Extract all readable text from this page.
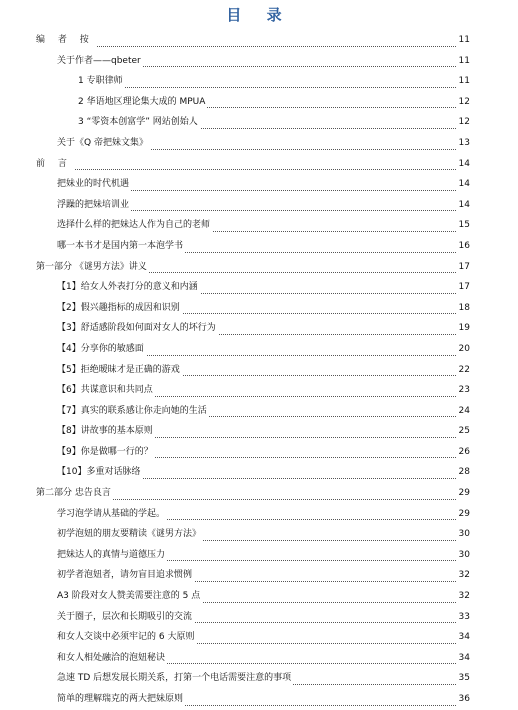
目 录
编 者 按	11
关于作者——qbeter	11
1 专职律师	11
2 华语地区理论集大成的 MPUA	12
3 “零资本创富学” 网站创始人	12
关于《Q 帝把妹文集》	13
前 言	14
把妹业的时代机遇	14
浮躁的把妹培训业	14
选择什么样的把妹达人作为自己的老师	15
哪一本书才是国内第一本泡学书	16
第一部分 《谜男方法》讲义	17
【1】给女人外表打分的意义和内涵	17
【2】假兴趣指标的成因和识别	18
【3】舒适感阶段如何面对女人的坏行为	19
【4】分享你的敏感面	20
【5】拒绝暧昧才是正确的游戏	22
【6】共谋意识和共同点	23
【7】真实的联系感让你走向她的生活	24
【8】讲故事的基本原则	25
【9】你是做哪一行的？	26
【10】多重对话脉络	28
第二部分 忠告良言	29
学习泡学请从基础的学起。	29
初学泡妞的朋友要精读《谜男方法》	30
把妹达人的真情与道德压力	30
初学者泡妞者，请勿盲目追求惯例	32
A3 阶段对女人赞美需要注意的 5 点	32
关于圈子，层次和长期吸引的交流	33
和女人交谈中必须牢记的 6 大原则	34
和女人相处融洽的泡妞秘诀	34
急速 TD 后想发展长期关系，打第一个电话需要注意的事项	35
简单的理解瑞克的两大把妹原则	36
